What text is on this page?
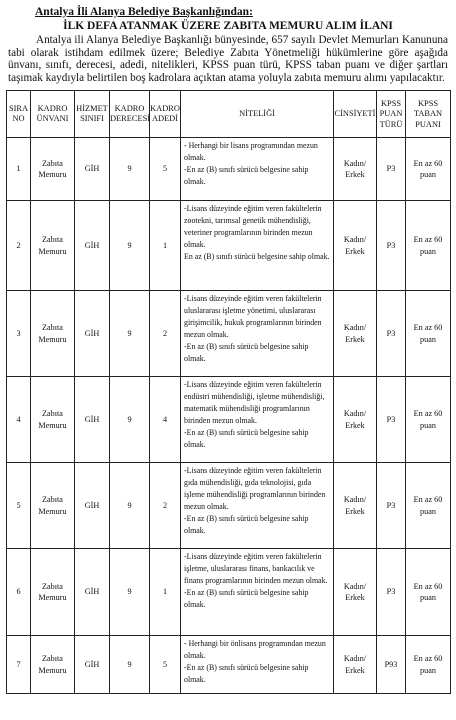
Antalya İli Alanya Belediye Başkanlığından:
İLK DEFA ATANMAK ÜZERE ZABITA MEMURU ALIM İLANI
Antalya ili Alanya Belediye Başkanlığı bünyesinde, 657 sayılı Devlet Memurları Kanununa tabi olarak istihdam edilmek üzere; Belediye Zabıta Yönetmeliği hükümlerine göre aşağıda ünvanı, sınıfı, derecesi, adedi, nitelikleri, KPSS puan türü, KPSS taban puanı ve diğer şartları taşımak kaydıyla belirtilen boş kadrolara açıktan atama yoluyla zabıta memuru alımı yapılacaktır.
SIRA NO	KADRO ÜNVANI	HİZMET SINIFI	KADRO DERECESİ	KADRO ADEDİ	NİTELİĞİ	CİNSİYETİ	KPSS PUAN TÜRÜ	KPSS TABAN PUANI
1	Zabıta Memuru	GİH	9	5	- Herhangi bir lisans programından mezun olmak.
-En az (B) sınıfı sürücü belgesine sahip olmak.	Kadın/ Erkek	P3	En az 60 puan
2	Zabıta Memuru	GİH	9	1	-Lisans düzeyinde eğitim veren fakültelerin zootekni, tarımsal genetik mühendisliği, veteriner programlarının birinden mezun olmak.
En az (B) sınıfı sürücü belgesine sahip olmak.	Kadın/ Erkek	P3	En az 60 puan
3	Zabıta Memuru	GİH	9	2	-Lisans düzeyinde eğitim veren fakültelerin uluslararası işletme yönetimi, uluslararası girişimcilik, hukuk programlarının birinden mezun olmak.
-En az (B) sınıfı sürücü belgesine sahip olmak.	Kadın/ Erkek	P3	En az 60 puan
4	Zabıta Memuru	GİH	9	4	-Lisans düzeyinde eğitim veren fakültelerin endüstri mühendisliği, işletme mühendisliği, matematik mühendisliği programlarının birinden mezun olmak.
-En az (B) sınıfı sürücü belgesine sahip olmak.	Kadın/ Erkek	P3	En az 60 puan
5	Zabıta Memuru	GİH	9	2	-Lisans düzeyinde eğitim veren fakültelerin gıda mühendisliği, gıda teknolojisi, gıda işleme mühendisliği programlarının birinden mezun olmak.
-En az (B) sınıfı sürücü belgesine sahip olmak.	Kadın/ Erkek	P3	En az 60 puan
6	Zabıta Memuru	GİH	9	1	-Lisans düzeyinde eğitim veren fakültelerin işletme, uluslararası finans, bankacılık ve finans programlarının birinden mezun olmak.
-En az (B) sınıfı sürücü belgesine sahip olmak.	Kadın/ Erkek	P3	En az 60 puan
7	Zabıta Memuru	GİH	9	5	- Herhangi bir önlisans programından mezun olmak.
-En az (B) sınıfı sürücü belgesine sahip olmak.	Kadın/ Erkek	P93	En az 60 puan
